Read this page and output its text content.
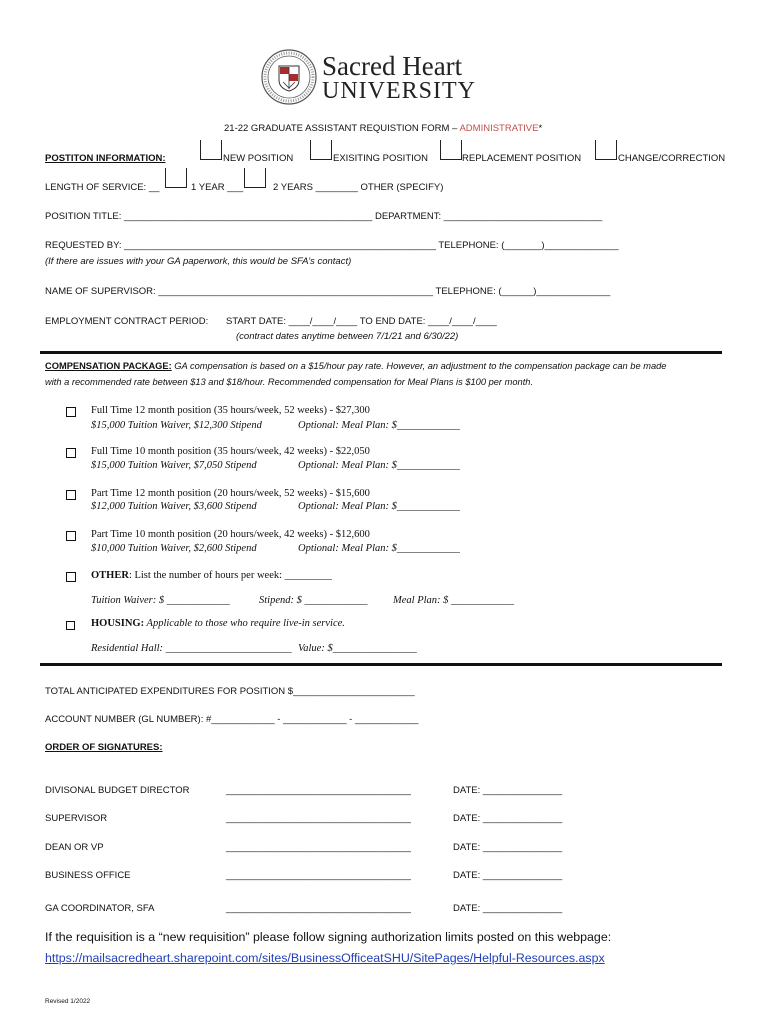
Sacred Heart
UNIVERSITY
21-22 GRADUATE ASSISTANT REQUISTION FORM – ADMINISTRATIVE*
POSTITON INFORMATION:	NEW POSITION	EXISITING POSITION	REPLACEMENT POSITION	CHANGE/CORRECTION
LENGTH OF SERVICE: __	1 YEAR ___	2 YEARS ________ OTHER (SPECIFY)
POSITION TITLE: _______________________________________________ DEPARTMENT: ______________________________
REQUESTED BY: ___________________________________________________________ TELEPHONE: (_______)______________
(If there are issues with your GA paperwork, this would be SFA’s contact)
NAME OF SUPERVISOR: ____________________________________________________ TELEPHONE: (______)______________
EMPLOYMENT CONTRACT PERIOD: START DATE: ____/____/____ TO END DATE: ____/____/____
(contract dates anytime between 7/1/21 and 6/30/22)
COMPENSATION PACKAGE: GA compensation is based on a $15/hour pay rate. However, an adjustment to the compensation package can be made
with a recommended rate between $13 and $18/hour. Recommended compensation for Meal Plans is $100 per month.
Full Time 12 month position (35 hours/week, 52 weeks) - $27,300
$15,000 Tuition Waiver, $12,300 Stipend	Optional: Meal Plan: $____________
Full Time 10 month position (35 hours/week, 42 weeks) - $22,050
$15,000 Tuition Waiver, $7,050 Stipend	Optional: Meal Plan: $____________
Part Time 12 month position (20 hours/week, 52 weeks) - $15,600
$12,000 Tuition Waiver, $3,600 Stipend	Optional: Meal Plan: $____________
Part Time 10 month position (20 hours/week, 42 weeks) - $12,600
$10,000 Tuition Waiver, $2,600 Stipend	Optional: Meal Plan: $____________
OTHER: List the number of hours per week: _________
Tuition Waiver: $ ____________	Stipend: $ ____________ Meal Plan: $ ____________
HOUSING: Applicable to those who require live-in service.
Residential Hall: ________________________ Value: $________________
TOTAL ANTICIPATED EXPENDITURES FOR POSITION $_______________________
ACCOUNT NUMBER (GL NUMBER): #____________ - ____________ - ____________
ORDER OF SIGNATURES:
DIVISONAL BUDGET DIRECTOR	___________________________________	DATE: _______________
SUPERVISOR	___________________________________	DATE: _______________
DEAN OR VP	___________________________________	DATE: _______________
BUSINESS OFFICE	___________________________________	DATE: _______________
GA COORDINATOR, SFA	___________________________________	DATE: _______________
If the requisition is a “new requisition” please follow signing authorization limits posted on this webpage:
https://mailsacredheart.sharepoint.com/sites/BusinessOfficeatSHU/SitePages/Helpful-Resources.aspx
Revised 1/2022
